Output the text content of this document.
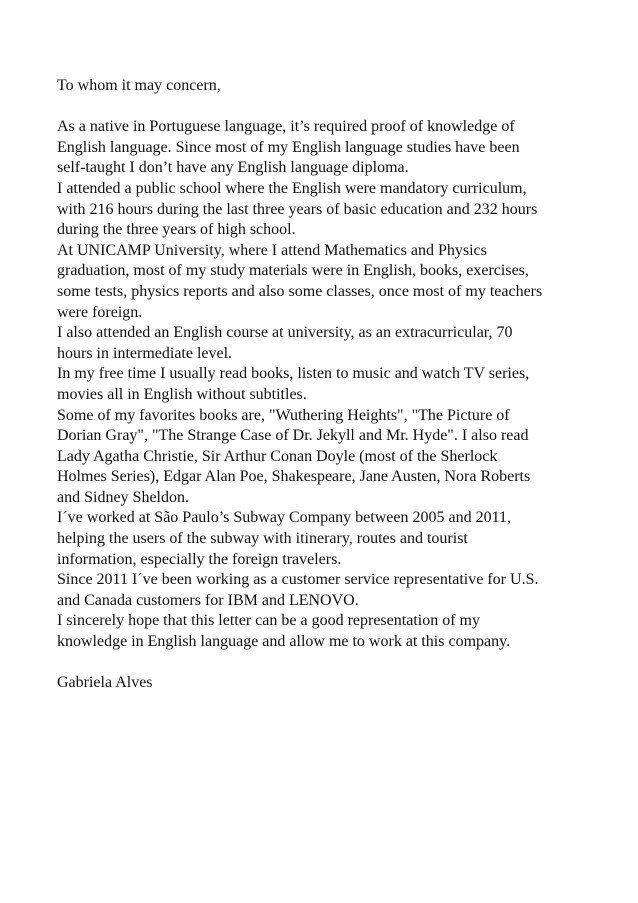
To whom it may concern,
As a native in Portuguese language, it’s required proof of knowledge of
English language. Since most of my English language studies have been
self-taught I don’t have any English language diploma.
I attended a public school where the English were mandatory curriculum,
with 216 hours during the last three years of basic education and 232 hours
during the three years of high school.
At UNICAMP University, where I attend Mathematics and Physics
graduation, most of my study materials were in English, books, exercises,
some tests, physics reports and also some classes, once most of my teachers
were foreign.
I also attended an English course at university, as an extracurricular, 70
hours in intermediate level.
In my free time I usually read books, listen to music and watch TV series,
movies all in English without subtitles.
Some of my favorites books are, "Wuthering Heights", "The Picture of
Dorian Gray", "The Strange Case of Dr. Jekyll and Mr. Hyde". I also read
Lady Agatha Christie, Sir Arthur Conan Doyle (most of the Sherlock
Holmes Series), Edgar Alan Poe, Shakespeare, Jane Austen, Nora Roberts
and Sidney Sheldon.
I´ve worked at São Paulo’s Subway Company between 2005 and 2011,
helping the users of the subway with itinerary, routes and tourist
information, especially the foreign travelers.
Since 2011 I´ve been working as a customer service representative for U.S.
and Canada customers for IBM and LENOVO.
I sincerely hope that this letter can be a good representation of my
knowledge in English language and allow me to work at this company.
Gabriela Alves
